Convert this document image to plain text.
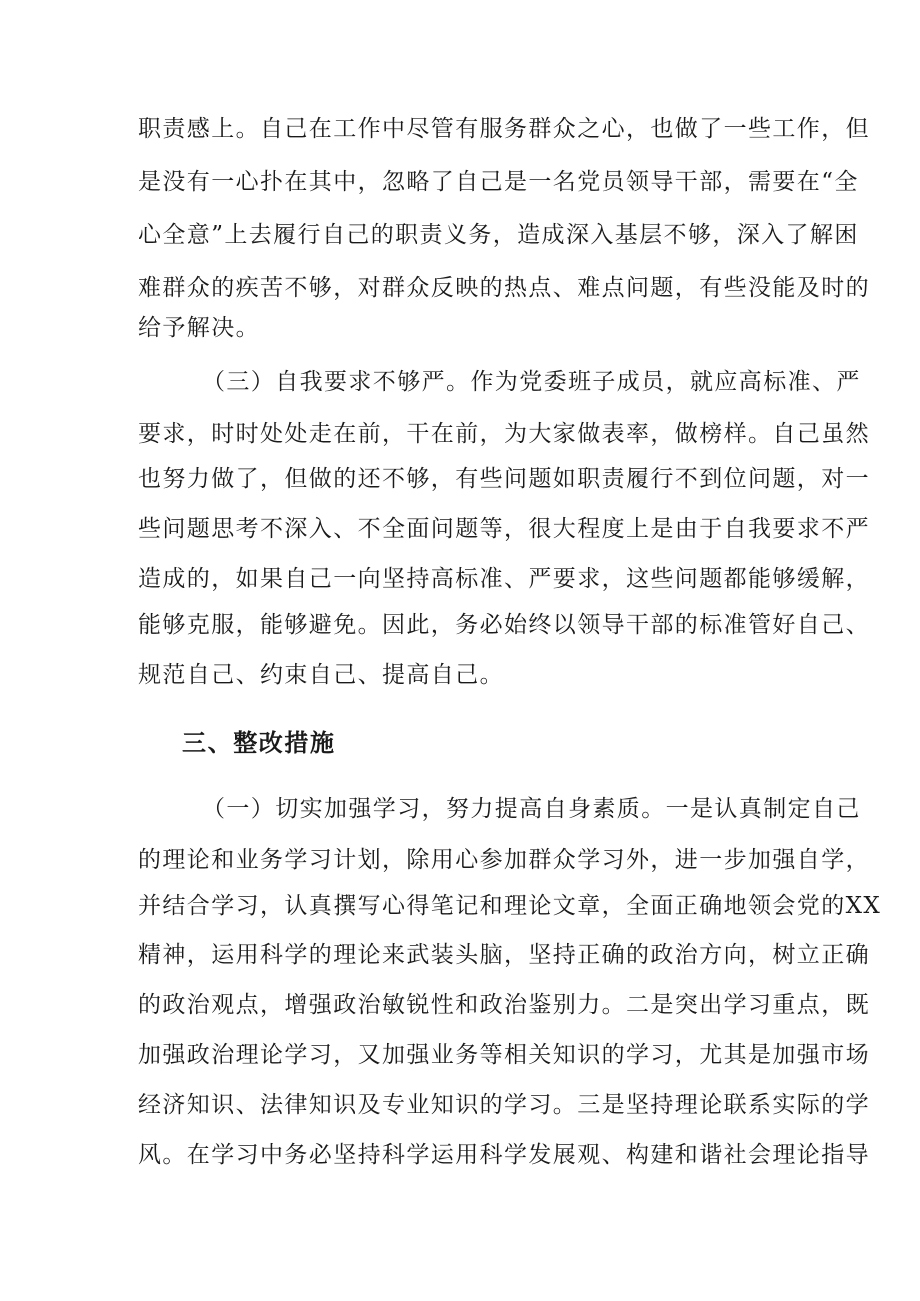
职责感上。自己在工作中尽管有服务群众之心，也做了一些工作，但

是没有一心扑在其中，忽略了自己是一名党员领导干部，需要在“全

心全意”上去履行自己的职责义务，造成深入基层不够，深入了解困

难群众的疾苦不够，对群众反映的热点、难点问题，有些没能及时的

给予解决。

（三）自我要求不够严。作为党委班子成员，就应高标准、严

要求，时时处处走在前，干在前，为大家做表率，做榜样。自己虽然

也努力做了，但做的还不够，有些问题如职责履行不到位问题，对一

些问题思考不深入、不全面问题等，很大程度上是由于自我要求不严

造成的，如果自己一向坚持高标准、严要求，这些问题都能够缓解，

能够克服，能够避免。因此，务必始终以领导干部的标准管好自己、

规范自己、约束自己、提高自己。

三、整改措施

（一）切实加强学习，努力提高自身素质。一是认真制定自己

的理论和业务学习计划，除用心参加群众学习外，进一步加强自学，

并结合学习，认真撰写心得笔记和理论文章，全面正确地领会党的XX

精神，运用科学的理论来武装头脑，坚持正确的政治方向，树立正确

的政治观点，增强政治敏锐性和政治鉴别力。二是突出学习重点，既

加强政治理论学习，又加强业务等相关知识的学习，尤其是加强市场

经济知识、法律知识及专业知识的学习。三是坚持理论联系实际的学

风。在学习中务必坚持科学运用科学发展观、构建和谐社会理论指导
